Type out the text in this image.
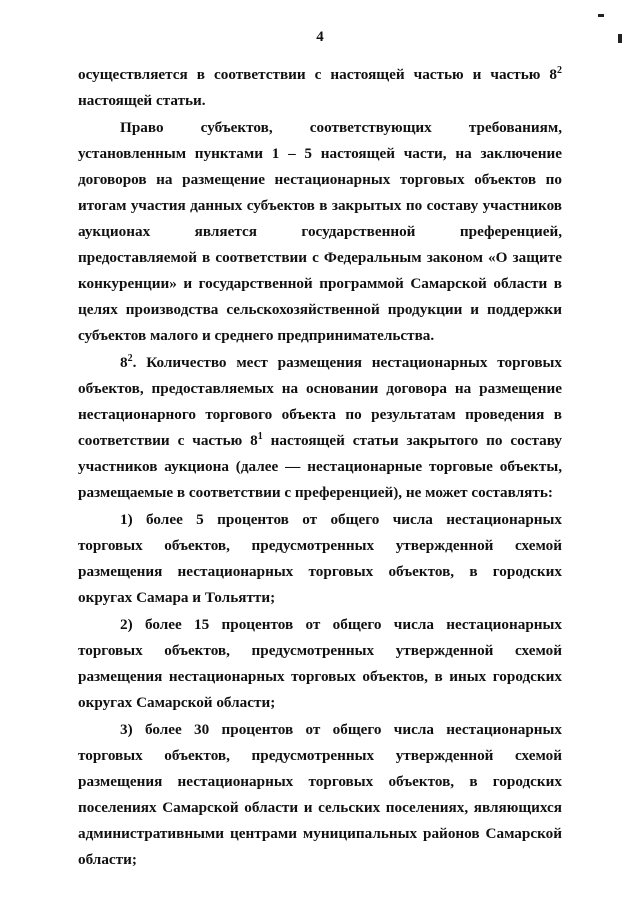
4

осуществляется в соответствии с настоящей частью и частью $8^2$ настоящей статьи.

Право субъектов, соответствующих требованиям, установленным пунктами 1 – 5 настоящей части, на заключение договоров на размещение нестационарных торговых объектов по итогам участия данных субъектов в закрытых по составу участников аукционах является государственной преференцией, предоставляемой в соответствии с Федеральным законом «О защите конкуренции» и государственной программой Самарской области в целях производства сельскохозяйственной продукции и поддержки субъектов малого и среднего предпринимательства.

$8^2$. Количество мест размещения нестационарных торговых объектов, предоставляемых на основании договора на размещение нестационарного торгового объекта по результатам проведения в соответствии с частью $8^1$ настоящей статьи закрытого по составу участников аукциона (далее — нестационарные торговые объекты, размещаемые в соответствии с преференцией), не может составлять:

1) более 5 процентов от общего числа нестационарных торговых объектов, предусмотренных утвержденной схемой размещения нестационарных торговых объектов, в городских округах Самара и Тольятти;

2) более 15 процентов от общего числа нестационарных торговых объектов, предусмотренных утвержденной схемой размещения нестационарных торговых объектов, в иных городских округах Самарской области;

3) более 30 процентов от общего числа нестационарных торговых объектов, предусмотренных утвержденной схемой размещения нестационарных торговых объектов, в городских поселениях Самарской области и сельских поселениях, являющихся административными центрами муниципальных районов Самарской области;
